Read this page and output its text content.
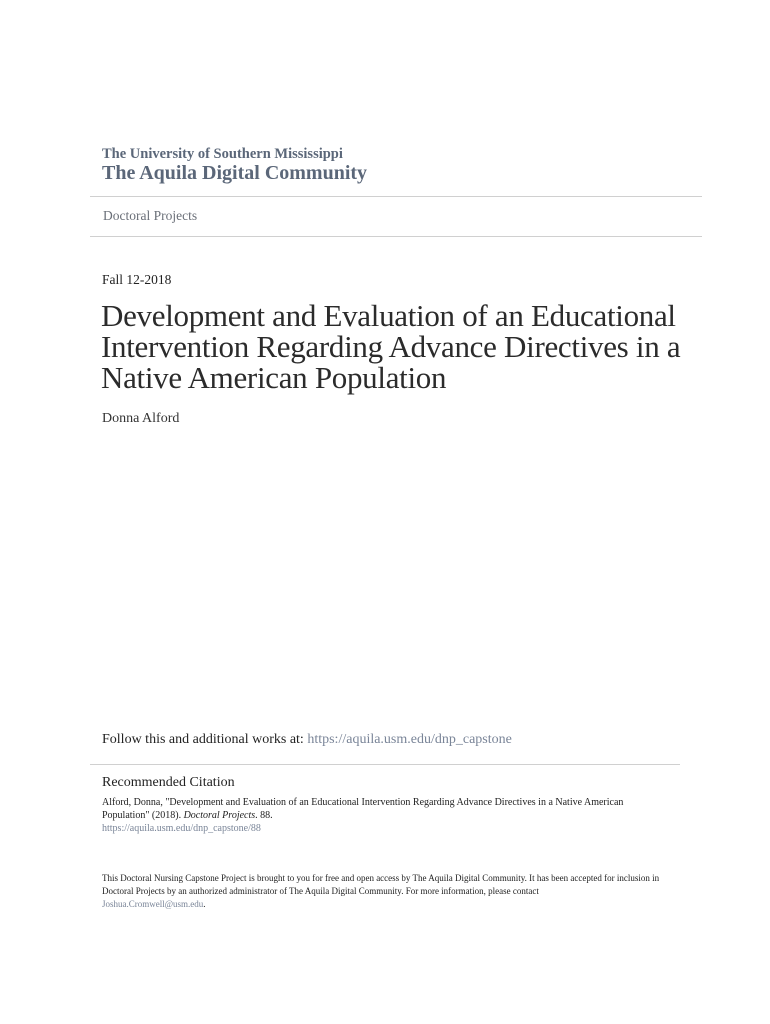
The University of Southern Mississippi
The Aquila Digital Community
Doctoral Projects
Fall 12-2018
Development and Evaluation of an Educational
Intervention Regarding Advance Directives in a
Native American Population
Donna Alford
Follow this and additional works at: https://aquila.usm.edu/dnp_capstone
Recommended Citation
Alford, Donna, "Development and Evaluation of an Educational Intervention Regarding Advance Directives in a Native American Population" (2018). Doctoral Projects. 88.
https://aquila.usm.edu/dnp_capstone/88
This Doctoral Nursing Capstone Project is brought to you for free and open access by The Aquila Digital Community. It has been accepted for inclusion in Doctoral Projects by an authorized administrator of The Aquila Digital Community. For more information, please contact
Joshua.Cromwell@usm.edu.
